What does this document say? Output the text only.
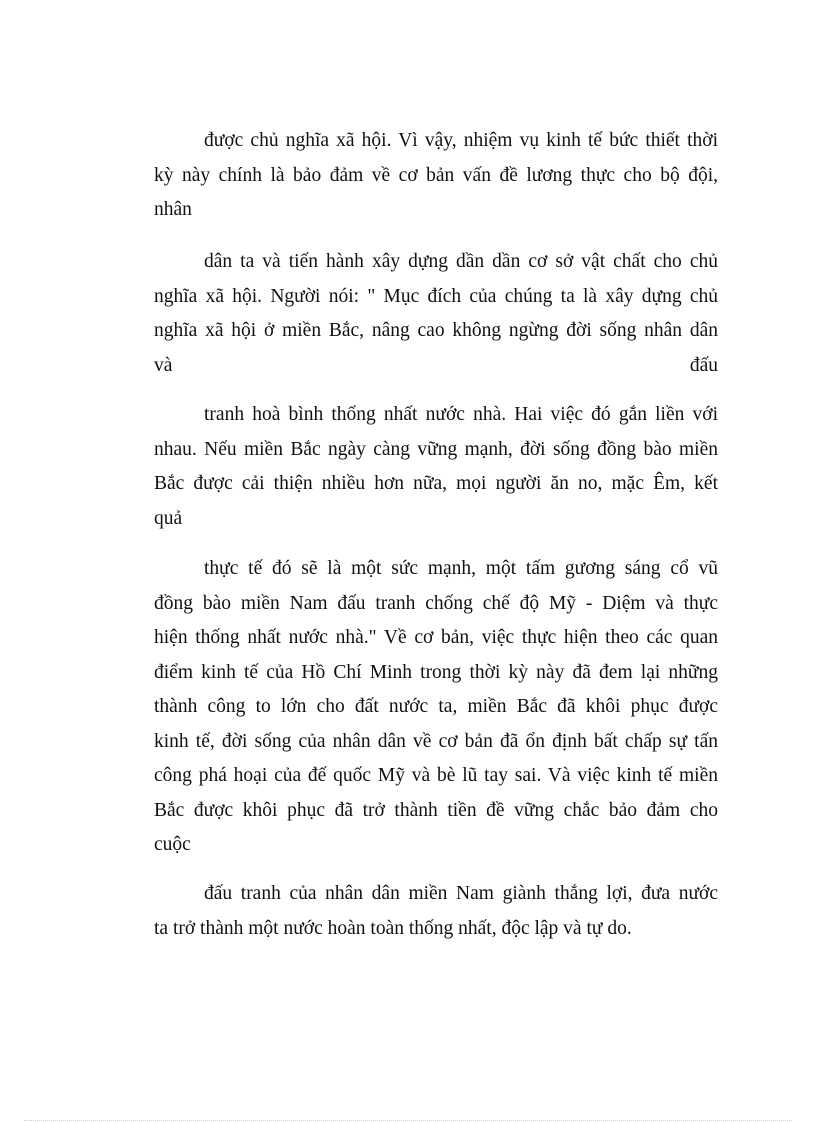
được chủ nghĩa xã hội. Vì vậy, nhiệm vụ kinh tế bức thiết thời
kỳ này chính là bảo đảm về cơ bản vấn đề lương thực cho bộ đội,
nhân
dân ta và tiến hành xây dựng dần dần cơ sở vật chất cho chủ
nghĩa xã hội. Người nói: " Mục đích của chúng ta là xây dựng chủ
nghĩa xã hội ở miền Bắc, nâng cao không ngừng đời sống nhân dân
và đấu
tranh hoà bình thống nhất nước nhà. Hai việc đó gắn liền với
nhau. Nếu miền Bắc ngày càng vững mạnh, đời sống đồng bào miền
Bắc được cải thiện nhiều hơn nữa, mọi người ăn no, mặc Êm, kết
quả
thực tế đó sẽ là một sức mạnh, một tấm gương sáng cổ vũ
đồng bào miền Nam đấu tranh chống chế độ Mỹ - Diệm và thực
hiện thống nhất nước nhà." Về cơ bản, việc thực hiện theo các quan
điểm kinh tế của Hồ Chí Minh trong thời kỳ này đã đem lại những
thành công to lớn cho đất nước ta, miền Bắc đã khôi phục được
kinh tế, đời sống của nhân dân về cơ bản đã ổn định bất chấp sự tấn
công phá hoại của đế quốc Mỹ và bè lũ tay sai. Và việc kinh tế miền
Bắc được khôi phục đã trở thành tiền đề vững chắc bảo đảm cho
cuộc
đấu tranh của nhân dân miền Nam giành thắng lợi, đưa nước
ta trở thành một nước hoàn toàn thống nhất, độc lập và tự do.
